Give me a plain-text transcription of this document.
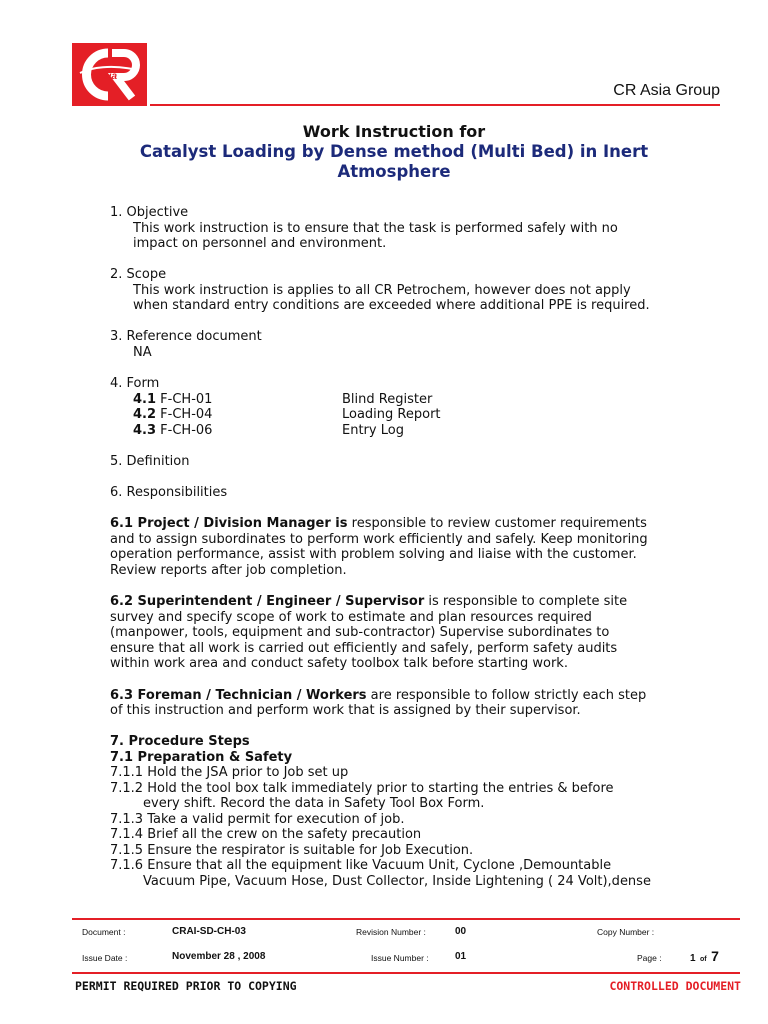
Asia
CR Asia Group
Work Instruction for
Catalyst Loading by Dense method (Multi Bed) in Inert Atmosphere
1. Objective
This work instruction is to ensure that the task is performed safely with no
impact on personnel and environment.
2. Scope
This work instruction is applies to all CR Petrochem, however does not apply
when standard entry conditions are exceeded where additional PPE is required.
3. Reference document
NA
4. Form
4.1 F-CH-01	Blind Register
4.2 F-CH-04	Loading Report
4.3 F-CH-06	Entry Log
5. Definition
6. Responsibilities
6.1 Project / Division Manager is responsible to review customer requirements
and to assign subordinates to perform work efficiently and safely. Keep monitoring
operation performance, assist with problem solving and liaise with the customer.
Review reports after job completion.
6.2 Superintendent / Engineer / Supervisor is responsible to complete site
survey and specify scope of work to estimate and plan resources required
(manpower, tools, equipment and sub-contractor) Supervise subordinates to
ensure that all work is carried out efficiently and safely, perform safety audits
within work area and conduct safety toolbox talk before starting work.
6.3 Foreman / Technician / Workers are responsible to follow strictly each step
of this instruction and perform work that is assigned by their supervisor.
7. Procedure Steps
7.1 Preparation & Safety
7.1.1 Hold the JSA prior to Job set up
7.1.2 Hold the tool box talk immediately prior to starting the entries & before
every shift. Record the data in Safety Tool Box Form.
7.1.3 Take a valid permit for execution of job.
7.1.4 Brief all the crew on the safety precaution
7.1.5 Ensure the respirator is suitable for Job Execution.
7.1.6 Ensure that all the equipment like Vacuum Unit, Cyclone ,Demountable
Vacuum Pipe, Vacuum Hose, Dust Collector, Inside Lightening ( 24 Volt),dense
Document :	CRAI-SD-CH-03	Revision Number :	00	Copy Number :
Issue Date :	November 28 , 2008	Issue Number :	01	Page :	1 of 7
PERMIT REQUIRED PRIOR TO COPYING	CONTROLLED DOCUMENT
